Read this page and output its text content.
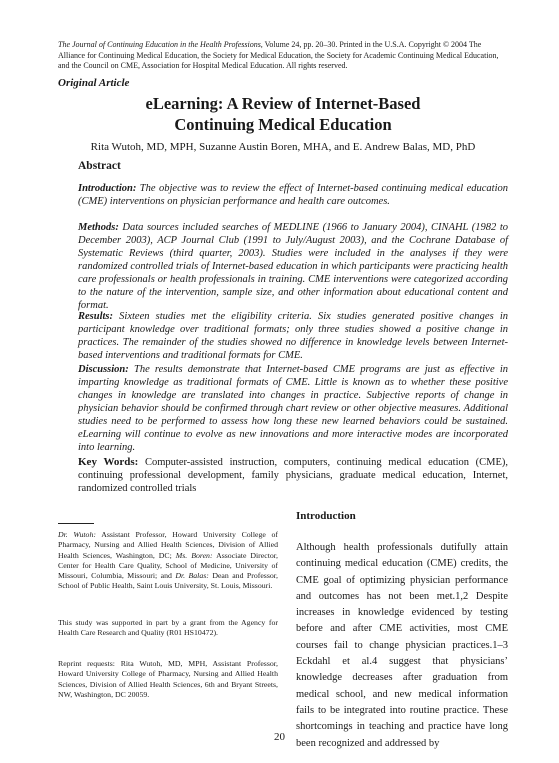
The Journal of Continuing Education in the Health Professions, Volume 24, pp. 20–30. Printed in the U.S.A. Copyright © 2004 The Alliance for Continuing Medical Education, the Society for Medical Education, the Society for Academic Continuing Medical Education, and the Council on CME, Association for Hospital Medical Education. All rights reserved.
Original Article
eLearning: A Review of Internet-Based
Continuing Medical Education
Rita Wutoh, MD, MPH, Suzanne Austin Boren, MHA, and E. Andrew Balas, MD, PhD
Abstract
Introduction: The objective was to review the effect of Internet-based continuing medical education (CME) interventions on physician performance and health care outcomes.
Methods: Data sources included searches of MEDLINE (1966 to January 2004), CINAHL (1982 to December 2003), ACP Journal Club (1991 to July/August 2003), and the Cochrane Database of Systematic Reviews (third quarter, 2003). Studies were included in the analyses if they were randomized controlled trials of Internet-based education in which participants were practicing health care professionals or health professionals in training. CME interventions were categorized according to the nature of the intervention, sample size, and other information about educational content and format.
Results: Sixteen studies met the eligibility criteria. Six studies generated positive changes in participant knowledge over traditional formats; only three studies showed a positive change in practices. The remainder of the studies showed no difference in knowledge levels between Internet-based interventions and traditional formats for CME.
Discussion: The results demonstrate that Internet-based CME programs are just as effective in imparting knowledge as traditional formats of CME. Little is known as to whether these positive changes in knowledge are translated into changes in practice. Subjective reports of change in physician behavior should be confirmed through chart review or other objective measures. Additional studies need to be performed to assess how long these new learned behaviors could be sustained. eLearning will continue to evolve as new innovations and more interactive modes are incorporated into learning.
Key Words: Computer-assisted instruction, computers, continuing medical education (CME), continuing professional development, family physicians, graduate medical education, Internet, randomized controlled trials
Dr. Wutoh: Assistant Professor, Howard University College of Pharmacy, Nursing and Allied Health Sciences, Division of Allied Health Sciences, Washington, DC; Ms. Boren: Associate Director, Center for Health Care Quality, School of Medicine, University of Missouri, Columbia, Missouri; and Dr. Balas: Dean and Professor, School of Public Health, Saint Louis University, St. Louis, Missouri.
This study was supported in part by a grant from the Agency for Health Care Research and Quality (R01 HS10472).
Reprint requests: Rita Wutoh, MD, MPH, Assistant Professor, Howard University College of Pharmacy, Nursing and Allied Health Sciences, Division of Allied Health Sciences, 6th and Bryant Streets, NW, Washington, DC 20059.
Introduction
Although health professionals dutifully attain continuing medical education (CME) credits, the CME goal of optimizing physician performance and outcomes has not been met.1,2 Despite increases in knowledge evidenced by testing before and after CME activities, most CME courses fail to change physician practices.1–3 Eckdahl et al.4 suggest that physicians’ knowledge decreases after graduation from medical school, and new medical information fails to be integrated into routine practice. These shortcomings in teaching and practice have long been recognized and addressed by
20
